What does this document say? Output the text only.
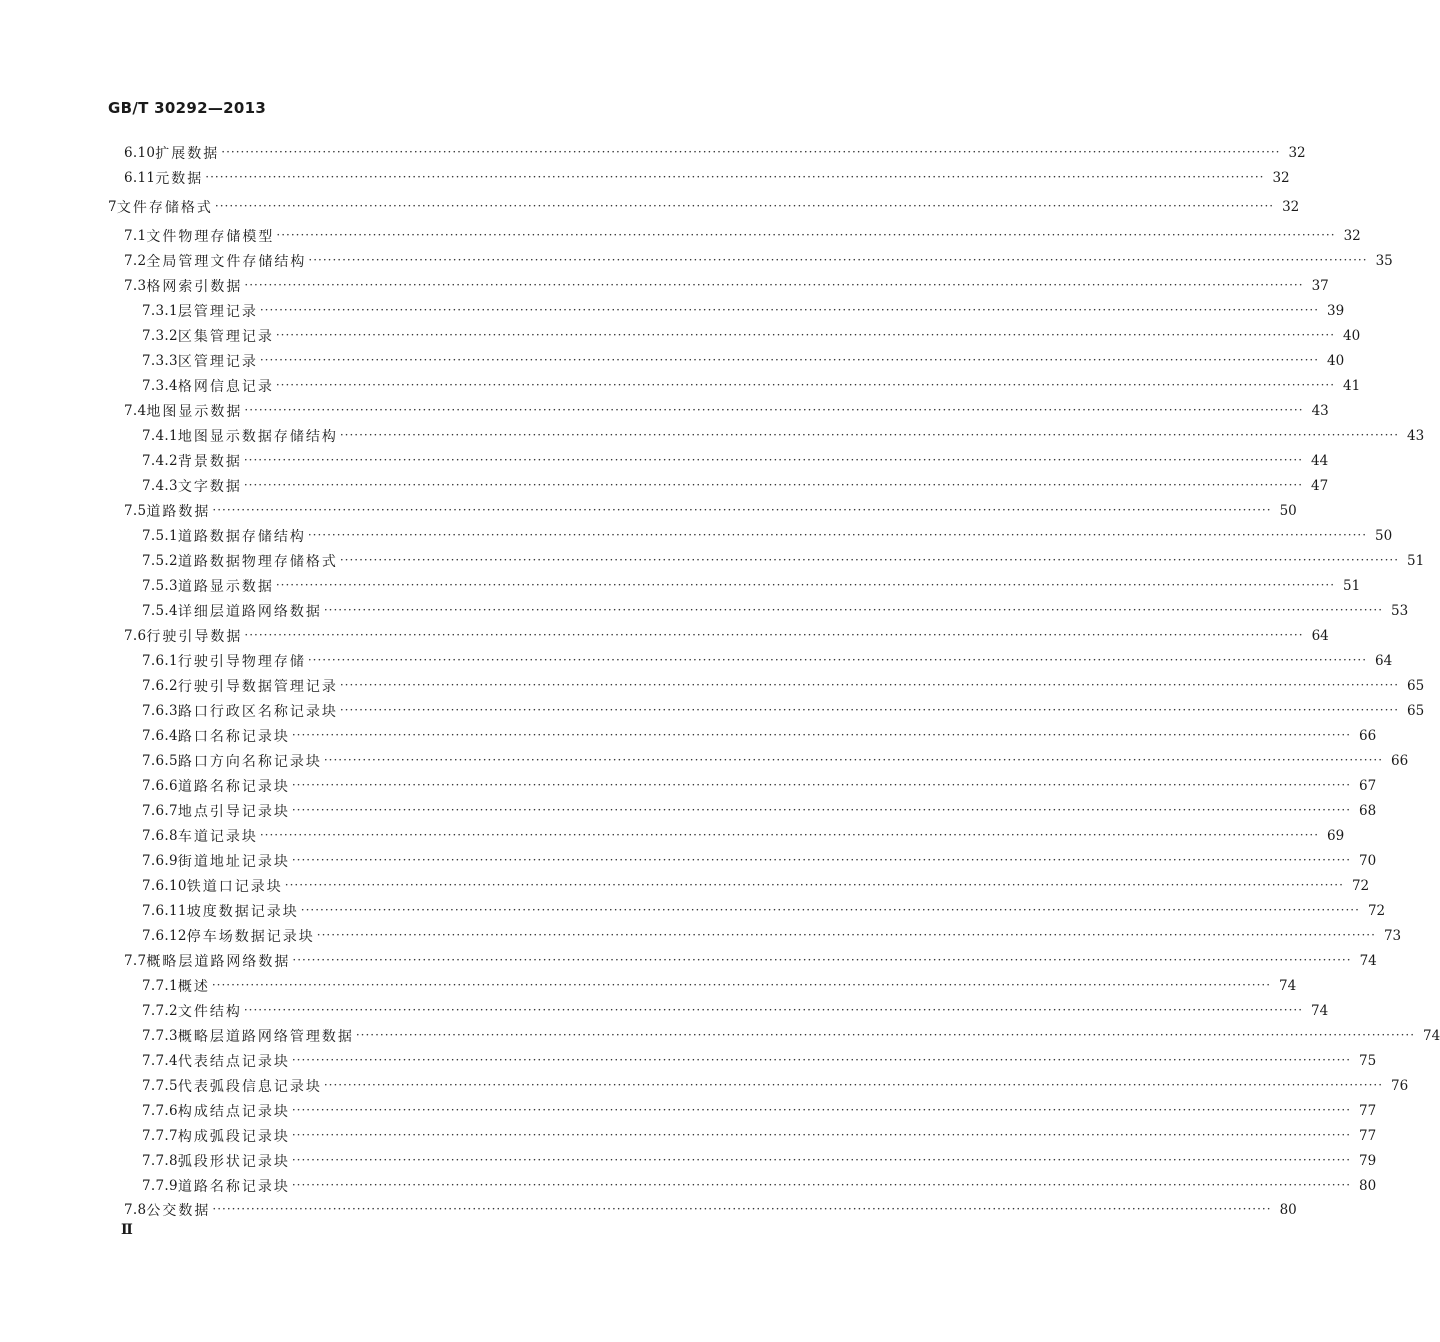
GB/T 30292—2013
6.10 扩展数据 ···························································································································································································································· 32
6.11 元数据 ···························································································································································································································· 32
7 文件存储格式 ···························································································································································································································· 32
7.1 文件物理存储模型 ···························································································································································································································· 32
7.2 全局管理文件存储结构 ···························································································································································································································· 35
7.3 格网索引数据 ···························································································································································································································· 37
7.3.1 层管理记录 ···························································································································································································································· 39
7.3.2 区集管理记录 ···························································································································································································································· 40
7.3.3 区管理记录 ···························································································································································································································· 40
7.3.4 格网信息记录 ···························································································································································································································· 41
7.4 地图显示数据 ···························································································································································································································· 43
7.4.1 地图显示数据存储结构 ···························································································································································································································· 43
7.4.2 背景数据 ···························································································································································································································· 44
7.4.3 文字数据 ···························································································································································································································· 47
7.5 道路数据 ···························································································································································································································· 50
7.5.1 道路数据存储结构 ···························································································································································································································· 50
7.5.2 道路数据物理存储格式 ···························································································································································································································· 51
7.5.3 道路显示数据 ···························································································································································································································· 51
7.5.4 详细层道路网络数据 ···························································································································································································································· 53
7.6 行驶引导数据 ···························································································································································································································· 64
7.6.1 行驶引导物理存储 ···························································································································································································································· 64
7.6.2 行驶引导数据管理记录 ···························································································································································································································· 65
7.6.3 路口行政区名称记录块 ···························································································································································································································· 65
7.6.4 路口名称记录块 ···························································································································································································································· 66
7.6.5 路口方向名称记录块 ···························································································································································································································· 66
7.6.6 道路名称记录块 ···························································································································································································································· 67
7.6.7 地点引导记录块 ···························································································································································································································· 68
7.6.8 车道记录块 ···························································································································································································································· 69
7.6.9 街道地址记录块 ···························································································································································································································· 70
7.6.10 铁道口记录块 ···························································································································································································································· 72
7.6.11 坡度数据记录块 ···························································································································································································································· 72
7.6.12 停车场数据记录块 ···························································································································································································································· 73
7.7 概略层道路网络数据 ···························································································································································································································· 74
7.7.1 概述 ···························································································································································································································· 74
7.7.2 文件结构 ···························································································································································································································· 74
7.7.3 概略层道路网络管理数据 ···························································································································································································································· 74
7.7.4 代表结点记录块 ···························································································································································································································· 75
7.7.5 代表弧段信息记录块 ···························································································································································································································· 76
7.7.6 构成结点记录块 ···························································································································································································································· 77
7.7.7 构成弧段记录块 ···························································································································································································································· 77
7.7.8 弧段形状记录块 ···························································································································································································································· 79
7.7.9 道路名称记录块 ···························································································································································································································· 80
7.8 公交数据 ···························································································································································································································· 80
Ⅱ
